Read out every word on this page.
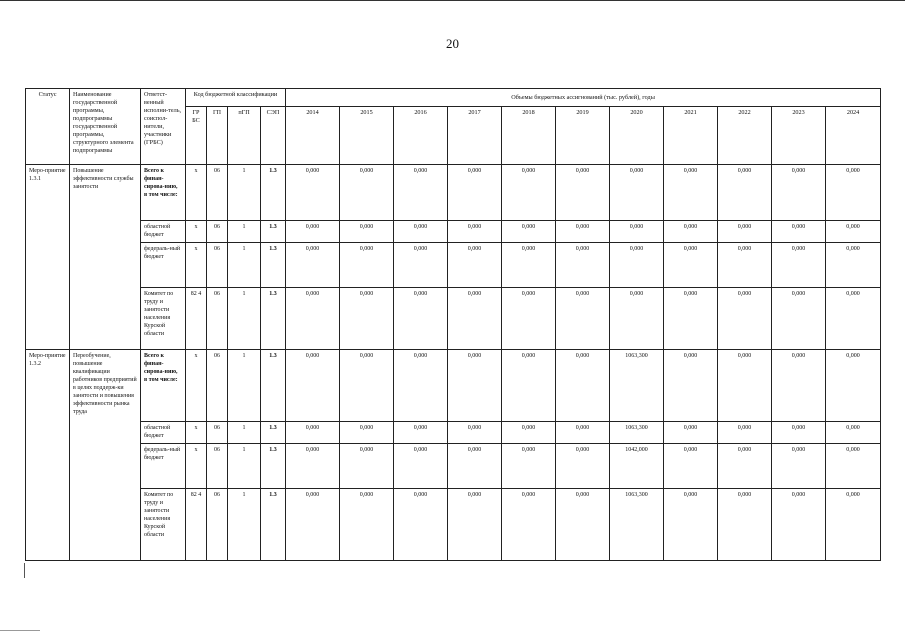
20
Статус	Наименование государственной программы, подпрограммы государственной программы, структурного элемента подпрограммы	Ответст-венный исполни-тель, соиспол-нители, участники (ГРБС)	Код бюджетной классификации				Объемы бюджетных ассигнований (тыс. рублей), годы										
			ГР БС	ГП	пГП	СЭП	2014	2015	2016	2017	2018	2019	2020	2021	2022	2023	2024
Меро-приятие 1.3.1	Повышение эффективности службы занятости	Всего к финан-сирова-нию, в том числе:	х	06	1	1.3	0,000	0,000	0,000	0,000	0,000	0,000	0,000	0,000	0,000	0,000	0,000
		областной бюджет	х	06	1	1.3	0,000	0,000	0,000	0,000	0,000	0,000	0,000	0,000	0,000	0,000	0,000
		федераль-ный бюджет	х	06	1	1.3	0,000	0,000	0,000	0,000	0,000	0,000	0,000	0,000	0,000	0,000	0,000
		Комитет по труду и занятости населения Курской области	82 4	06	1	1.3	0,000	0,000	0,000	0,000	0,000	0,000	0,000	0,000	0,000	0,000	0,000
Меро-приятие 1.3.2	Переобучение, повышение квалификации работников предприятий в целях поддерж-ки занятости и повышения эффективности рынка труда	Всего к финан-сирова-нию, в том числе:	х	06	1	1.3	0,000	0,000	0,000	0,000	0,000	0,000	1063,300	0,000	0,000	0,000	0,000
		областной бюджет	х	06	1	1.3	0,000	0,000	0,000	0,000	0,000	0,000	1063,300	0,000	0,000	0,000	0,000
		федераль-ный бюджет	х	06	1	1.3	0,000	0,000	0,000	0,000	0,000	0,000	1042,000	0,000	0,000	0,000	0,000
		Комитет по труду и занятости населения Курской области	82 4	06	1	1.3	0,000	0,000	0,000	0,000	0,000	0,000	1063,300	0,000	0,000	0,000	0,000
